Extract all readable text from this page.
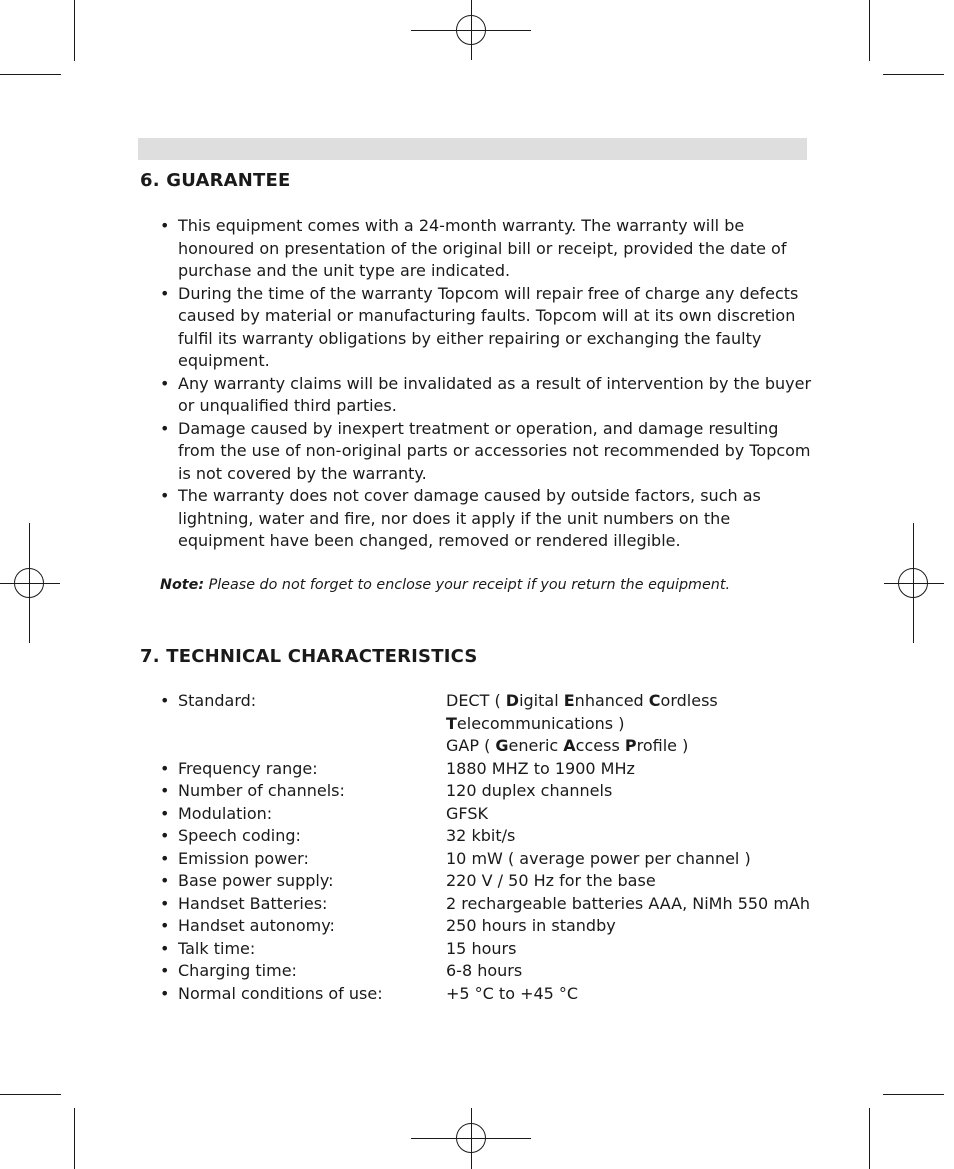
6. GUARANTEE
• This equipment comes with a 24-month warranty. The warranty will be honoured on presentation of the original bill or receipt, provided the date of purchase and the unit type are indicated.
• During the time of the warranty Topcom will repair free of charge any defects caused by material or manufacturing faults. Topcom will at its own discretion fulfil its warranty obligations by either repairing or exchanging the faulty equipment.
• Any warranty claims will be invalidated as a result of intervention by the buyer or unqualified third parties.
• Damage caused by inexpert treatment or operation, and damage resulting from the use of non-original parts or accessories not recommended by Topcom is not covered by the warranty.
• The warranty does not cover damage caused by outside factors, such as lightning, water and fire, nor does it apply if the unit numbers on the equipment have been changed, removed or rendered illegible.

Note: Please do not forget to enclose your receipt if you return the equipment.

7. TECHNICAL CHARACTERISTICS
• Standard:	DECT ( Digital Enhanced Cordless
Telecommunications )
GAP ( Generic Access Profile )
• Frequency range:	1880 MHZ to 1900 MHz
• Number of channels:	120 duplex channels
• Modulation:	GFSK
• Speech coding:	32 kbit/s
• Emission power:	10 mW ( average power per channel )
• Base power supply:	220 V / 50 Hz for the base
• Handset Batteries:	2 rechargeable batteries AAA, NiMh 550 mAh
• Handset autonomy:	250 hours in standby
• Talk time:	15 hours
• Charging time:	6-8 hours
• Normal conditions of use:	+5 °C to +45 °C
